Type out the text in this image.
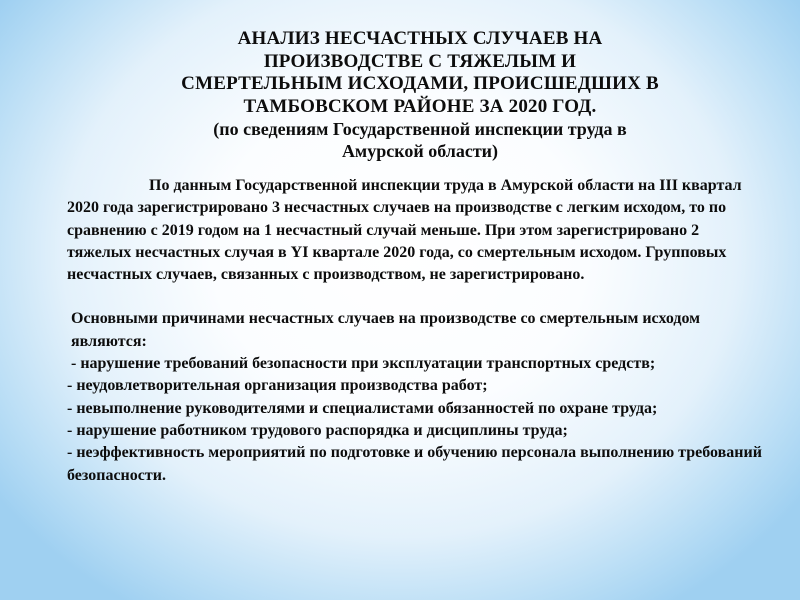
АНАЛИЗ НЕСЧАСТНЫХ СЛУЧАЕВ НА
ПРОИЗВОДСТВЕ С ТЯЖЕЛЫМ И
СМЕРТЕЛЬНЫМ ИСХОДАМИ, ПРОИСШЕДШИХ В
ТАМБОВСКОМ РАЙОНЕ ЗА 2020 ГОД.
(по сведениям Государственной инспекции труда в
Амурской области)

По данным Государственной инспекции труда в Амурской области на III квартал 2020 года зарегистрировано 3 несчастных случаев на производстве с легким исходом, то по сравнению с 2019 годом на 1 несчастный случай меньше. При этом зарегистрировано 2 тяжелых несчастных случая в YI квартале 2020 года, со смертельным исходом. Групповых несчастных случаев, связанных с производством, не зарегистрировано.

Основными причинами несчастных случаев на производстве со смертельным исходом являются:

- нарушение требований безопасности при эксплуатации транспортных средств;

- неудовлетворительная организация производства работ;

- невыполнение руководителями и специалистами обязанностей по охране труда;

- нарушение работником трудового распорядка и дисциплины труда;

- неэффективность мероприятий по подготовке и обучению персонала выполнению требований безопасности.
